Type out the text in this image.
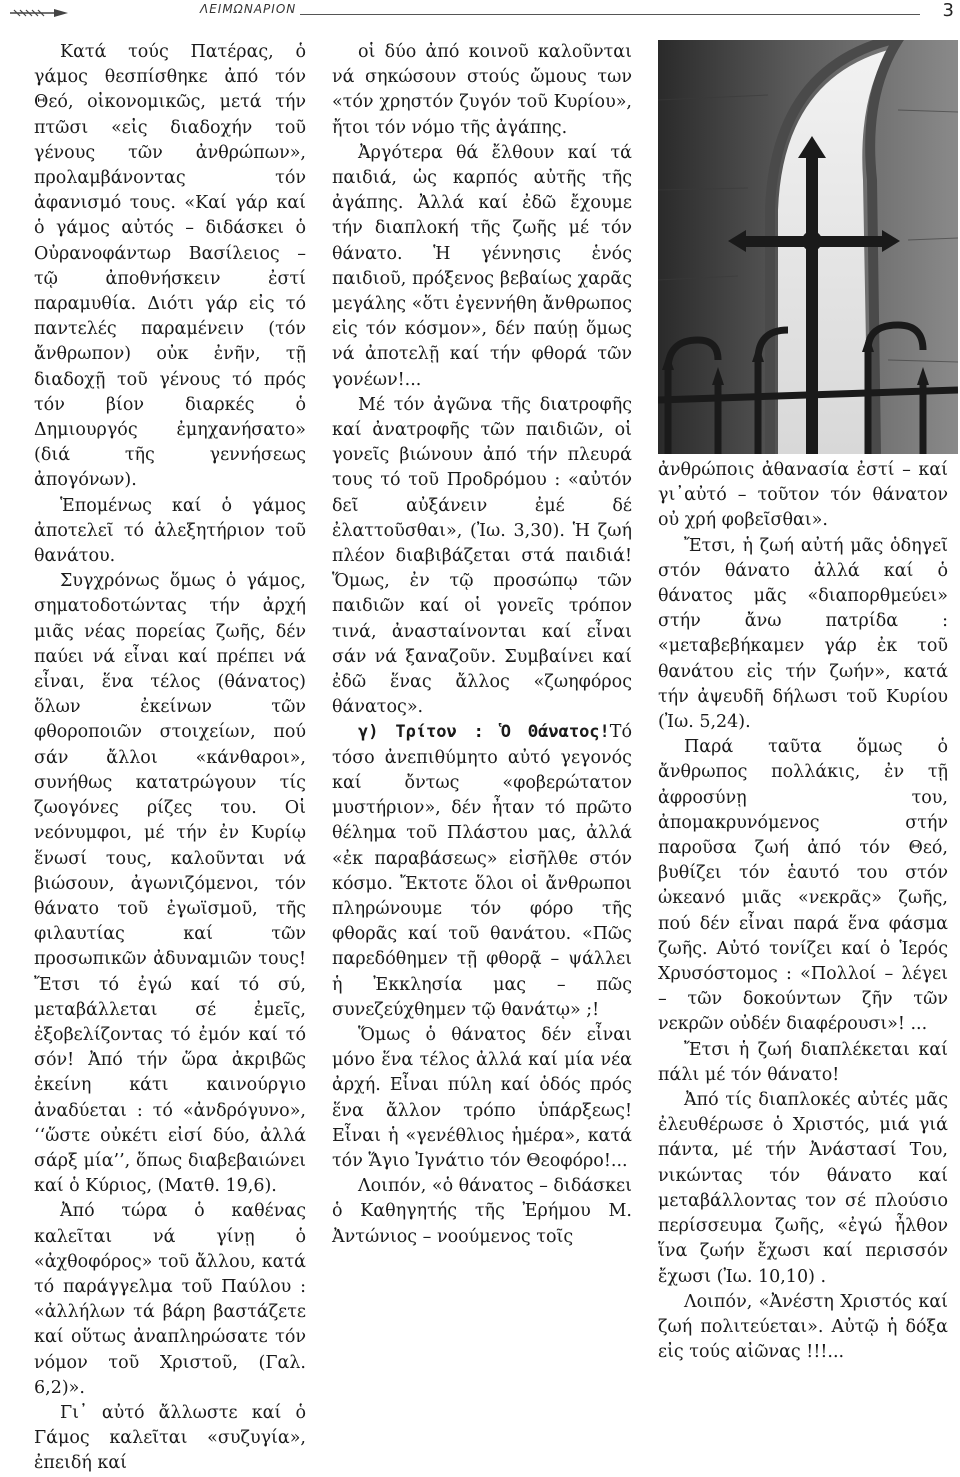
ΛΕΙΜΩΝΑΡΙΟΝ	3

Κατά τούς Πατέρας, ὁ γάμος θεσπίσθηκε ἀπό τόν Θεό, οἰκονομικῶς, μετά τήν πτῶσι «εἰς διαδοχήν τοῦ γένους τῶν ἀνθρώπων», προλαμβάνοντας τόν ἀφανισμό τους. «Καί γάρ καί ὁ γάμος αὐτός – διδάσκει ὁ Οὐρανοφάντωρ Βασίλειος – τῷ ἀποθνήσκειν ἐστί παραμυθία. Διότι γάρ εἰς τό παντελές παραμένειν (τόν ἄνθρωπον) οὐκ ἐνῆν, τῇ διαδοχῇ τοῦ γένους τό πρός τόν βίον διαρκές ὁ Δημιουργός ἐμηχανήσατο» (διά τῆς γεννήσεως ἀπογόνων).

Ἑπομένως καί ὁ γάμος ἀποτελεῖ τό ἀλεξητήριον τοῦ θανάτου.

Συγχρόνως ὅμως ὁ γάμος, σηματοδοτώντας τήν ἀρχή μιᾶς νέας πορείας ζωῆς, δέν παύει νά εἶναι καί πρέπει νά εἶναι, ἕνα τέλος (θάνατος) ὅλων ἐκείνων τῶν φθοροποιῶν στοιχείων, πού σάν ἄλλοι «κάνθαροι», συνήθως κατατρώγουν τίς ζωογόνες ρίζες του. Οἱ νεόνυμφοι, μέ τήν ἐν Κυρίῳ ἕνωσί τους, καλοῦνται νά βιώσουν, ἀγωνιζόμενοι, τόν θάνατο τοῦ ἐγωϊσμοῦ, τῆς φιλαυτίας καί τῶν προσωπικῶν ἀδυναμιῶν τους!Ἔτσι τό ἐγώ καί τό σύ, μεταβάλλεται σέ ἐμεῖς, ἐξοβελίζοντας τό ἐμόν καί τό σόν! Ἀπό τήν ὥρα ἀκριβῶς ἐκείνη κάτι καινούργιο ἀναδύεται : τό «ἀνδρόγυνο», ‘‘ὥστε οὐκέτι εἰσί δύο, ἀλλά σάρξ μία’’, ὅπως διαβεβαιώνει καί ὁ Κύριος, (Ματθ. 19,6).

Ἀπό τώρα ὁ καθένας καλεῖται νά γίνῃ ὁ «ἀχθοφόρος» τοῦ ἄλλου, κατά τό παράγγελμα τοῦ Παύλου : «ἀλλήλων τά βάρη βαστάζετε καί οὕτως ἀναπληρώσατε τόν νόμον τοῦ Χριστοῦ, (Γαλ. 6,2)».

Γι᾽ αὐτό ἄλλωστε καί ὁ Γάμος καλεῖται «συζυγία», ἐπειδή καί

οἱ δύο ἀπό κοινοῦ καλοῦνται νά σηκώσουν στούς ὤμους των «τόν χρηστόν ζυγόν τοῦ Κυρίου», ἤτοι τόν νόμο τῆς ἀγάπης.

Ἀργότερα θά ἔλθουν καί τά παιδιά, ὡς καρπός αὐτῆς τῆς ἀγάπης. Ἀλλά καί ἐδῶ ἔχουμε τήν διαπλοκή τῆς ζωῆς μέ τόν θάνατο. Ἡ γέννησις ἑνός παιδιοῦ, πρόξενος βεβαίως χαρᾶς μεγάλης «ὅτι ἐγεννήθη ἄνθρωπος εἰς τόν κόσμον», δέν παύῃ ὅμως νά ἀποτελῇ καί τήν φθορά τῶν γονέων!...

Μέ τόν ἀγῶνα τῆς διατροφῆς καί ἀνατροφῆς τῶν παιδιῶν, οἱ γονεῖς βιώνουν ἀπό τήν πλευρά τους τό τοῦ Προδρόμου : «αὐτόν δεῖ αὐξάνειν ἐμέ δέ ἐλαττοῦσθαι», (Ἰω. 3,30). Ἡ ζωή πλέον διαβιβάζεται στά παιδιά!Ὅμως, ἐν τῷ προσώπῳ τῶν παιδιῶν καί οἱ γονεῖς τρόπον τινά, ἀνασταίνονται καί εἶναι σάν νά ξαναζοῦν. Συμβαίνει καί ἐδῶ ἕνας ἄλλος «ζωηφόρος θάνατος».

γ) Τρίτον : Ὁ Θάνατος!Τό τόσο ἀνεπιθύμητο αὐτό γεγονός καί ὄντως «φοβερώτατον μυστήριον», δέν ἦταν τό πρῶτο θέλημα τοῦ Πλάστου μας, ἀλλά «ἐκ παραβάσεως» εἰσῆλθε στόν κόσμο. Ἔκτοτε ὅλοι οἱ ἄνθρωποι πληρώνουμε τόν φόρο τῆς φθορᾶς καί τοῦ θανάτου. «Πῶς παρεδόθημεν τῇ φθορᾷ – ψάλλει ἡ Ἐκκλησία μας – πῶς συνεζεύχθημεν τῷ θανάτῳ» ;!

Ὅμως ὁ θάνατος δέν εἶναι μόνο ἕνα τέλος ἀλλά καί μία νέα ἀρχή. Εἶναι πύλη καί ὁδός πρός ἕνα ἄλλον τρόπο ὑπάρξεως! Εἶναι ἡ «γενέθλιος ἡμέρα», κατά τόν Ἅγιο Ἰγνάτιο τόν Θεοφόρο!...

Λοιπόν, «ὁ θάνατος – διδάσκει ὁ Καθηγητής τῆς Ἐρήμου Μ. Ἀντώνιος – νοούμενος τοῖς

ἀνθρώποις ἀθανασία ἐστί – καί γι᾽αὐτό – τοῦτον τόν θάνατον οὐ χρή φοβεῖσθαι».

Ἔτσι, ἡ ζωή αὐτή μᾶς ὁδηγεῖ στόν θάνατο ἀλλά καί ὁ θάνατος μᾶς «διαπορθμεύει» στήν ἄνω πατρίδα : «μεταβεβήκαμεν γάρ ἐκ τοῦ θανάτου εἰς τήν ζωήν», κατά τήν ἀψευδῆ δήλωσι τοῦ Κυρίου (Ἰω. 5,24).

Παρά ταῦτα ὅμως ὁ ἄνθρωπος πολλάκις, ἐν τῇ ἀφροσύνῃ του, ἀπομακρυνόμενος στήν παροῦσα ζωή ἀπό τόν Θεό, βυθίζει τόν ἑαυτό του στόν ὠκεανό μιᾶς «νεκρᾶς» ζωῆς, πού δέν εἶναι παρά ἕνα φάσμα ζωῆς. Αὐτό τονίζει καί ὁ Ἱερός Χρυσόστομος : «Πολλοί – λέγει – τῶν δοκούντων ζῆν τῶν νεκρῶν οὐδέν διαφέρουσι»! ...

Ἔτσι ἡ ζωή διαπλέκεται καί πάλι μέ τόν θάνατο!

Ἀπό τίς διαπλοκές αὐτές μᾶς ἐλευθέρωσε ὁ Χριστός, μιά γιά πάντα, μέ τήν Ἀνάστασί Του, νικώντας τόν θάνατο καί μεταβάλλοντας τον σέ πλούσιο περίσσευμα ζωῆς, «ἐγώ ἦλθον ἵνα ζωήν ἔχωσι καί περισσόν ἔχωσι (Ἰω. 10,10) .

Λοιπόν, «Ἀνέστη Χριστός καί ζωή πολιτεύεται». Αὐτῷ ἡ δόξα εἰς τούς αἰῶνας !!!...
